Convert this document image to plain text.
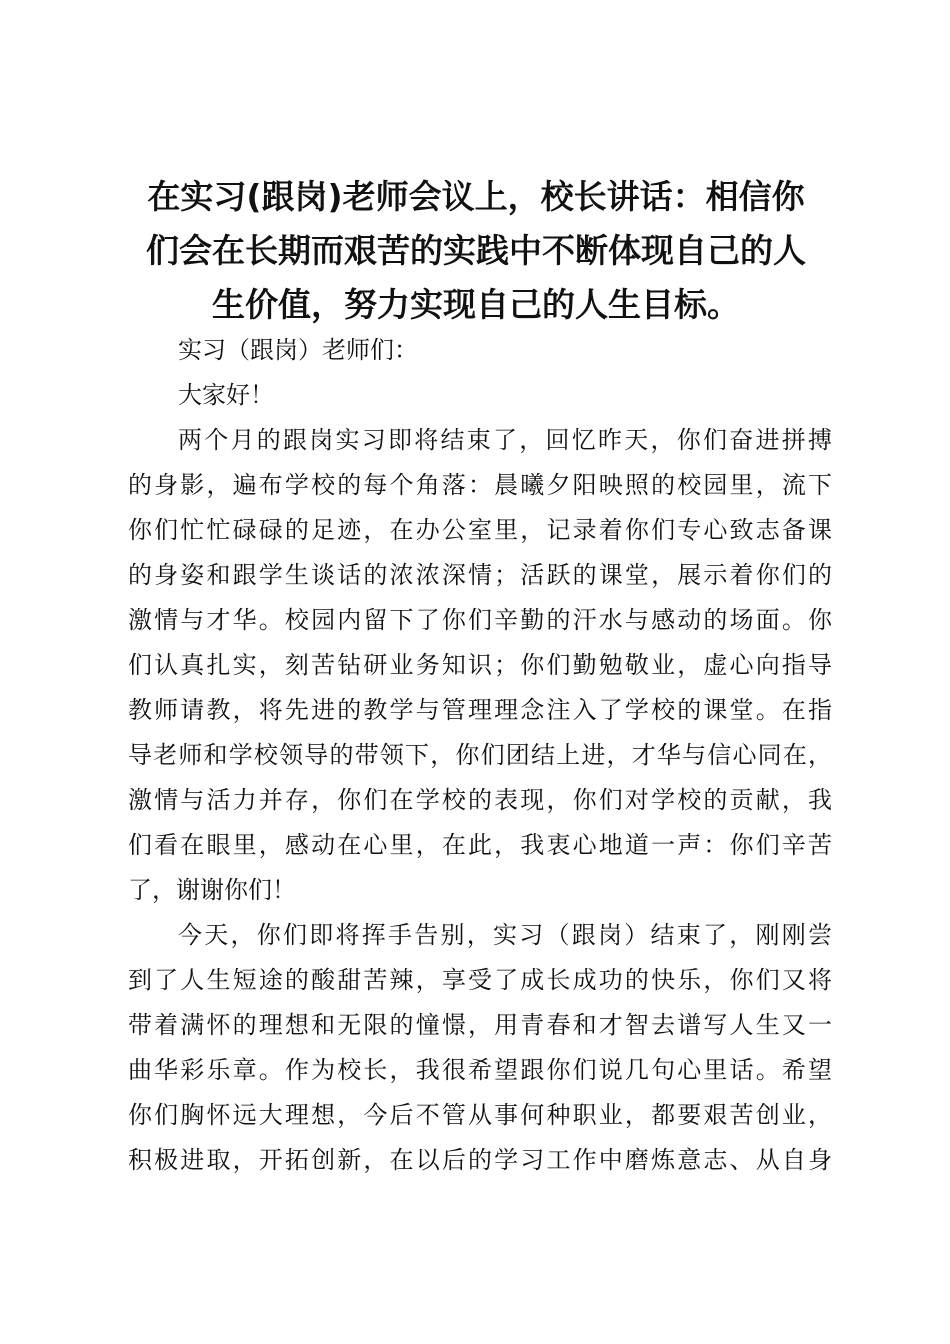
在实习(跟岗)老师会议上，校长讲话：相信你
们会在长期而艰苦的实践中不断体现自己的人
生价值，努力实现自己的人生目标。
实习（跟岗）老师们：
大家好！
两个月的跟岗实习即将结束了，回忆昨天，你们奋进拼搏
的身影，遍布学校的每个角落：晨曦夕阳映照的校园里，流下
你们忙忙碌碌的足迹，在办公室里，记录着你们专心致志备课
的身姿和跟学生谈话的浓浓深情；活跃的课堂，展示着你们的
激情与才华。校园内留下了你们辛勤的汗水与感动的场面。你
们认真扎实，刻苦钻研业务知识；你们勤勉敬业，虚心向指导
教师请教，将先进的教学与管理理念注入了学校的课堂。在指
导老师和学校领导的带领下，你们团结上进，才华与信心同在，
激情与活力并存，你们在学校的表现，你们对学校的贡献，我
们看在眼里，感动在心里，在此，我衷心地道一声：你们辛苦
了，谢谢你们！
今天，你们即将挥手告别，实习（跟岗）结束了，刚刚尝
到了人生短途的酸甜苦辣，享受了成长成功的快乐，你们又将
带着满怀的理想和无限的憧憬，用青春和才智去谱写人生又一
曲华彩乐章。作为校长，我很希望跟你们说几句心里话。希望
你们胸怀远大理想，今后不管从事何种职业，都要艰苦创业，
积极进取，开拓创新，在以后的学习工作中磨炼意志、从自身
